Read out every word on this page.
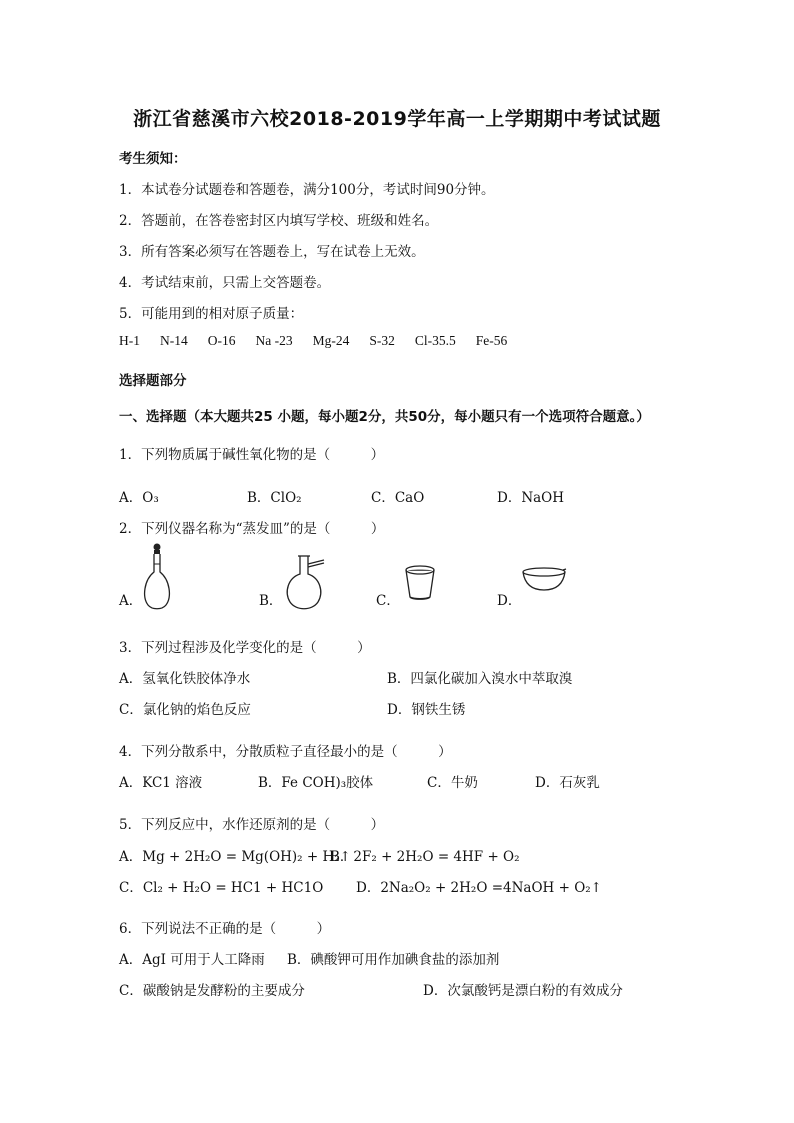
浙江省慈溪市六校2018-2019学年高一上学期期中考试试题
考生须知：
1．本试卷分试题卷和答题卷，满分100分，考试时间90分钟。
2．答题前，在答卷密封区内填写学校、班级和姓名。
3．所有答案必须写在答题卷上，写在试卷上无效。
4．考试结束前，只需上交答题卷。
5．可能用到的相对原子质量：
H-1 N-14 O-16 Na -23 Mg-24 S-32 Cl-35.5 Fe-56
选择题部分
一、选择题（本大题共25 小题，每小题2分，共50分，每小题只有一个选项符合题意。）
1．下列物质属于碱性氧化物的是（　　　）
A．O₃	B．ClO₂	C．CaO	D．NaOH
2．下列仪器名称为“蒸发皿”的是（　　　）
A．	B．	C．	D．
3．下列过程涉及化学变化的是（　　　）
A．氢氧化铁胶体净水	B．四氯化碳加入溴水中萃取溴
C．氯化钠的焰色反应	D．钢铁生锈
4．下列分散系中，分散质粒子直径最小的是（　　　）
A．KC1 溶液	B．Fe COH)₃胶体	C．牛奶	D．石灰乳
5．下列反应中，水作还原剂的是（　　　）
A．Mg + 2H₂O = Mg(OH)₂ + H₂↑
B．2F₂ + 2H₂O = 4HF + O₂
C．Cl₂ + H₂O = HC1 + HC1O D．2Na₂O₂ + 2H₂O =4NaOH + O₂↑
6．下列说法不正确的是（　　　）
A．AgI 可用于人工降雨 B．碘酸钾可用作加碘食盐的添加剂
C．碳酸钠是发酵粉的主要成分	D．次氯酸钙是漂白粉的有效成分
